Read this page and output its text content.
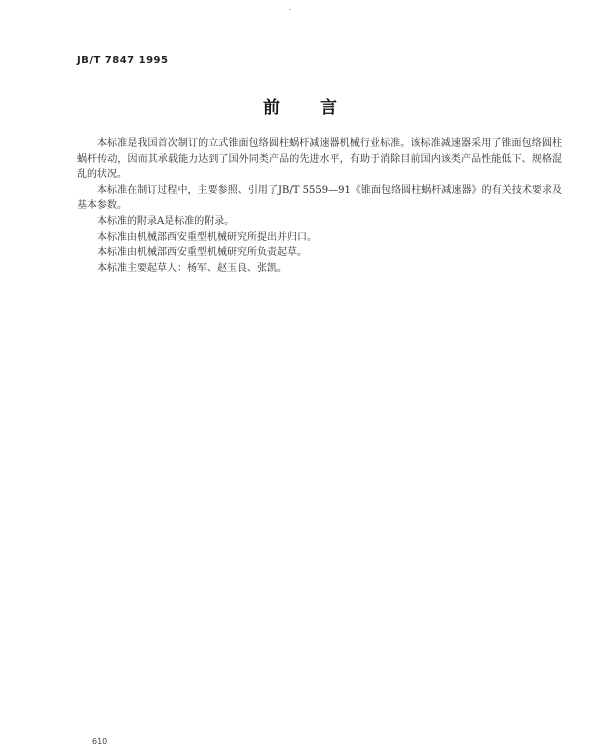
JB/T 7847 1995
前言

本标准是我国首次制订的立式锥面包络圆柱蜗杆减速器机械行业标准。该标准减速器采用了锥面包络圆柱蜗杆传动，因而其承载能力达到了国外同类产品的先进水平，有助于消除目前国内该类产品性能低下、规格混乱的状况。

本标准在制订过程中，主要参照、引用了JB/T 5559—91《锥面包络圆柱蜗杆减速器》的有关技术要求及基本参数。

本标准的附录A是标准的附录。

本标准由机械部西安重型机械研究所提出并归口。

本标准由机械部西安重型机械研究所负责起草。

本标准主要起草人：杨军、赵玉良、张凯。

610
